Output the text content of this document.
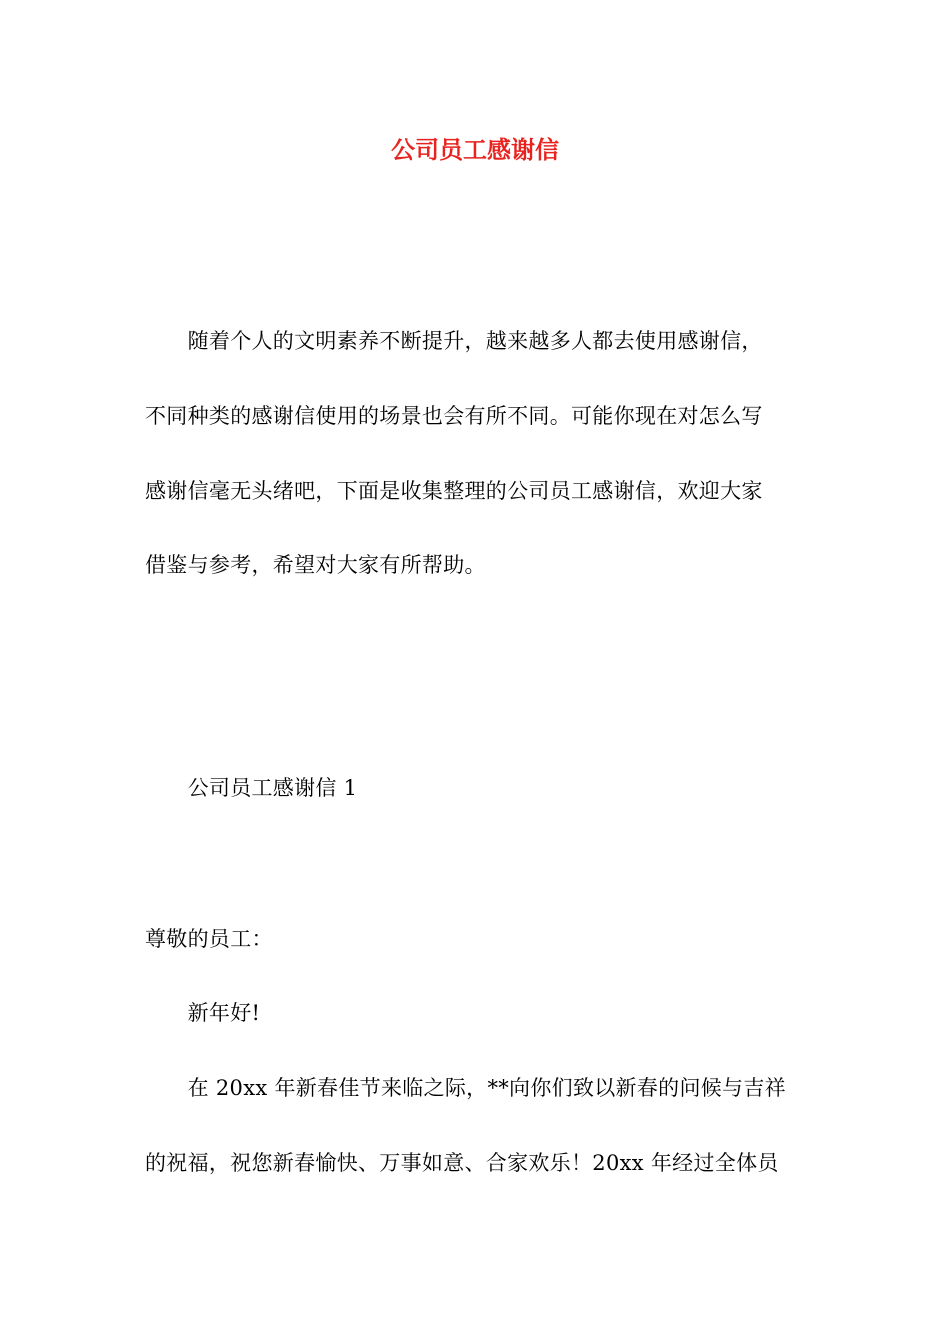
公司员工感谢信
　　随着个人的文明素养不断提升，越来越多人都去使用感谢信，
不同种类的感谢信使用的场景也会有所不同。可能你现在对怎么写
感谢信毫无头绪吧，下面是收集整理的公司员工感谢信，欢迎大家
借鉴与参考，希望对大家有所帮助。
　　公司员工感谢信 1
尊敬的员工：
　　新年好!
　　在 20xx 年新春佳节来临之际，**向你们致以新春的问候与吉祥
的祝福，祝您新春愉快、万事如意、合家欢乐！20xx 年经过全体员
